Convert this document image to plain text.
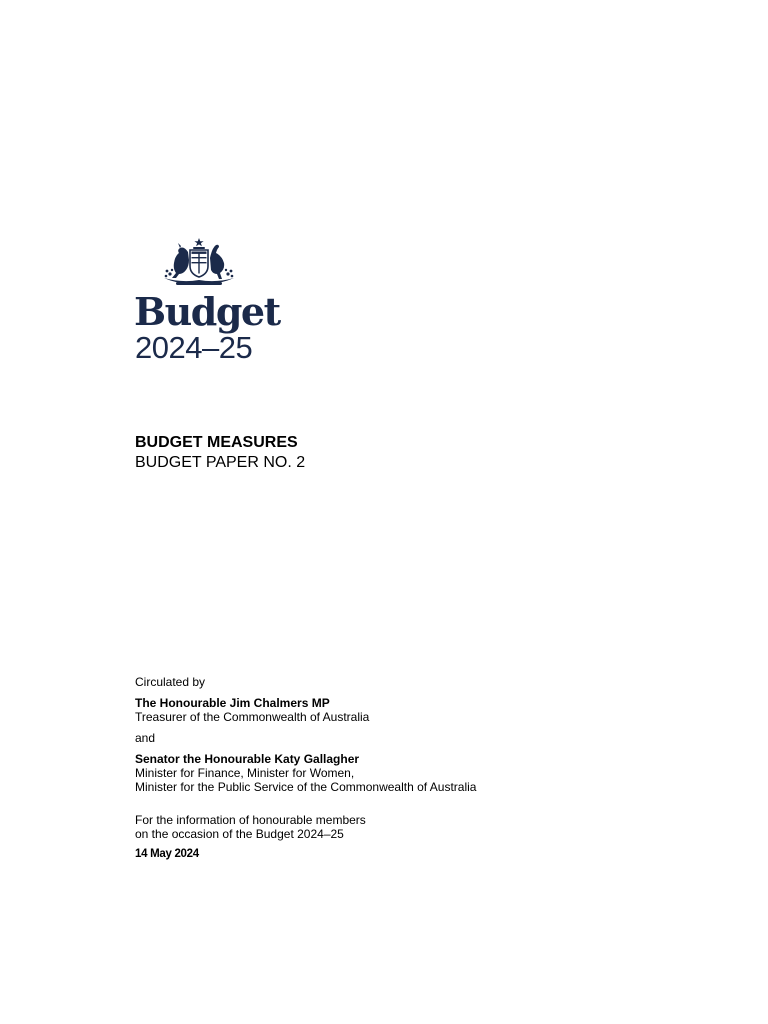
Budget
2024–25
BUDGET MEASURES
BUDGET PAPER NO. 2
Circulated by
The Honourable Jim Chalmers MP
Treasurer of the Commonwealth of Australia
and
Senator the Honourable Katy Gallagher
Minister for Finance, Minister for Women,
Minister for the Public Service of the Commonwealth of Australia
For the information of honourable members
on the occasion of the Budget 2024–25
14 May 2024
